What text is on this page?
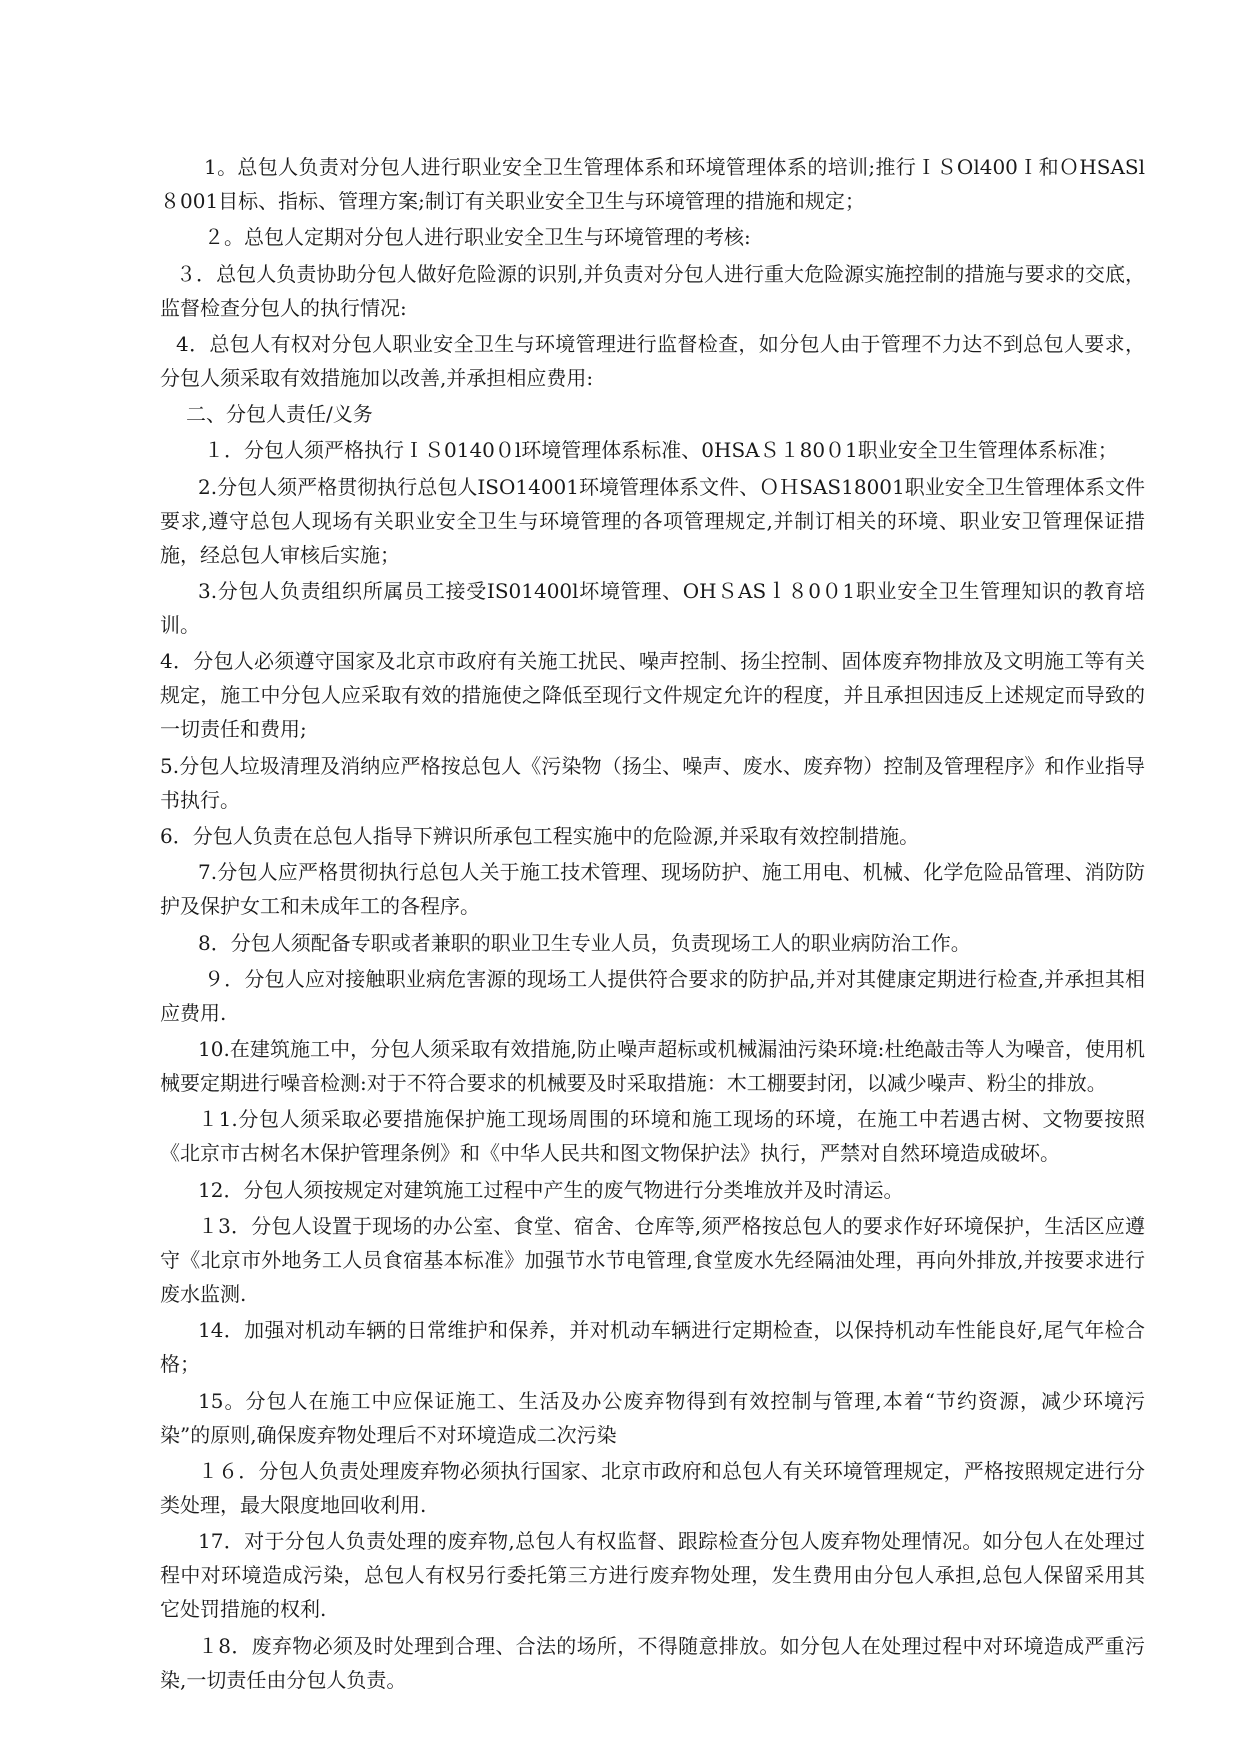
1。总包人负责对分包人进行职业安全卫生管理体系和环境管理体系的培训;推行ＩＳOl400Ｉ和ＯHSASl８001目标、指标、管理方案;制订有关职业安全卫生与环境管理的措施和规定；

２。总包人定期对分包人进行职业安全卫生与环境管理的考核:

３．总包人负责协助分包人做好危险源的识别,并负责对分包人进行重大危险源实施控制的措施与要求的交底，监督检查分包人的执行情况:

4．总包人有权对分包人职业安全卫生与环境管理进行监督检查，如分包人由于管理不力达不到总包人要求，分包人须采取有效措施加以改善,并承担相应费用:

二、分包人责任/义务

１．分包人须严格执行ＩＳ0140０l环境管理体系标准、0HSAＳ１80０1职业安全卫生管理体系标准；

2.分包人须严格贯彻执行总包人ISO14001环境管理体系文件、ＯＨSAS18001职业安全卫生管理体系文件要求,遵守总包人现场有关职业安全卫生与环境管理的各项管理规定,并制订相关的环境、职业安卫管理保证措施，经总包人审核后实施；

3.分包人负责组织所属员工接受IS01400l坏境管理、OHＳASｌ８0０1职业安全卫生管理知识的教育培训。

4．分包人必须遵守国家及北京市政府有关施工扰民、噪声控制、扬尘控制、固体废弃物排放及文明施工等有关规定，施工中分包人应采取有效的措施使之降低至现行文件规定允许的程度，并且承担因违反上述规定而导致的一切责任和费用;

5.分包人垃圾清理及消纳应严格按总包人《污染物（扬尘、噪声、废水、废弃物）控制及管理程序》和作业指导书执行。

6．分包人负责在总包人指导下辨识所承包工程实施中的危险源,并采取有效控制措施。

7.分包人应严格贯彻执行总包人关于施工技术管理、现场防护、施工用电、机械、化学危险品管理、消防防护及保护女工和未成年工的各程序。

8．分包人须配备专职或者兼职的职业卫生专业人员，负责现场工人的职业病防治工作。

９．分包人应对接触职业病危害源的现场工人提供符合要求的防护品,并对其健康定期进行检查,并承担其相应费用.

10.在建筑施工中，分包人须采取有效措施,防止噪声超标或机械漏油污染环境:杜绝敲击等人为噪音，使用机械要定期进行噪音检测:对于不符合要求的机械要及时采取措施：木工棚要封闭，以减少噪声、粉尘的排放。

１1.分包人须采取必要措施保护施工现场周围的环境和施工现场的环境，在施工中若遇古树、文物要按照《北京市古树名木保护管理条例》和《中华人民共和图文物保护法》执行，严禁对自然环境造成破坏。

12．分包人须按规定对建筑施工过程中产生的废气物进行分类堆放并及时清运。

１3．分包人设置于现场的办公室、食堂、宿舍、仓库等,须严格按总包人的要求作好环境保护，生活区应遵守《北京市外地务工人员食宿基本标准》加强节水节电管理,食堂废水先经隔油处理，再向外排放,并按要求进行废水监测.

14．加强对机动车辆的日常维护和保养，并对机动车辆进行定期检查，以保持机动车性能良好,尾气年检合格；

15。分包人在施工中应保证施工、生活及办公废弃物得到有效控制与管理,本着“节约资源，减少环境污染”的原则,确保废弃物处理后不对环境造成二次污染

１６．分包人负责处理废弃物必须执行国家、北京市政府和总包人有关环境管理规定，严格按照规定进行分类处理，最大限度地回收利用.

17．对于分包人负责处理的废弃物,总包人有权监督、跟踪检查分包人废弃物处理情况。如分包人在处理过程中对环境造成污染，总包人有权另行委托第三方进行废弃物处理，发生费用由分包人承担,总包人保留采用其它处罚措施的权利.

１8．废弃物必须及时处理到合理、合法的场所，不得随意排放。如分包人在处理过程中对环境造成严重污染,一切责任由分包人负责。
